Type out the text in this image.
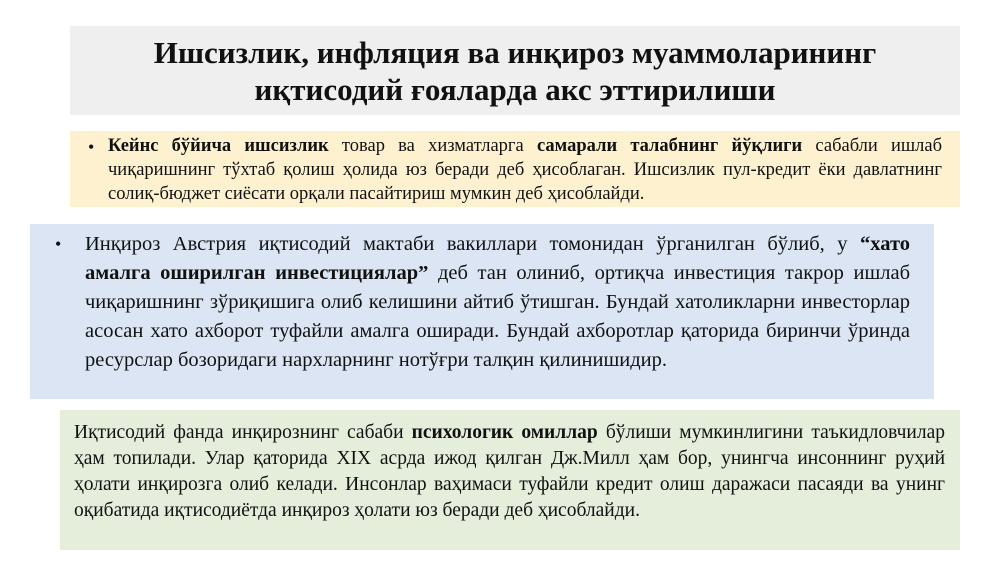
Ишсизлик, инфляция ва инқироз муаммоларининг
иқтисодий ғояларда акс эттирилиши
• Кейнс бўйича ишсизлик товар ва хизматларга самарали талабнинг йўқлиги сабабли ишлаб чиқаришнинг тўхтаб қолиш ҳолида юз беради деб ҳисоблаган. Ишсизлик пул-кредит ёки давлатнинг солиқ-бюджет сиёсати орқали пасайтириш мумкин деб ҳисоблайди.
• Инқироз Австрия иқтисодий мактаби вакиллари томонидан ўрганилган бўлиб, у “хато амалга оширилган инвестициялар” деб тан олиниб, ортиқча инвестиция такрор ишлаб чиқаришнинг зўриқишига олиб келишини айтиб ўтишган. Бундай хатоликларни инвесторлар асосан хато ахборот туфайли амалга оширади. Бундай ахборотлар қаторида биринчи ўринда ресурслар бозоридаги нархларнинг нотўғри талқин қилинишидир.
Иқтисодий фанда инқирознинг сабаби психологик омиллар бўлиши мумкинлигини таъкидловчилар ҳам топилади. Улар қаторида XIX асрда ижод қилган Дж.Милл ҳам бор, унингча инсоннинг руҳий ҳолати инқирозга олиб келади. Инсонлар ваҳимаси туфайли кредит олиш даражаси пасаяди ва унинг оқибатида иқтисодиётда инқироз ҳолати юз беради деб ҳисоблайди.
